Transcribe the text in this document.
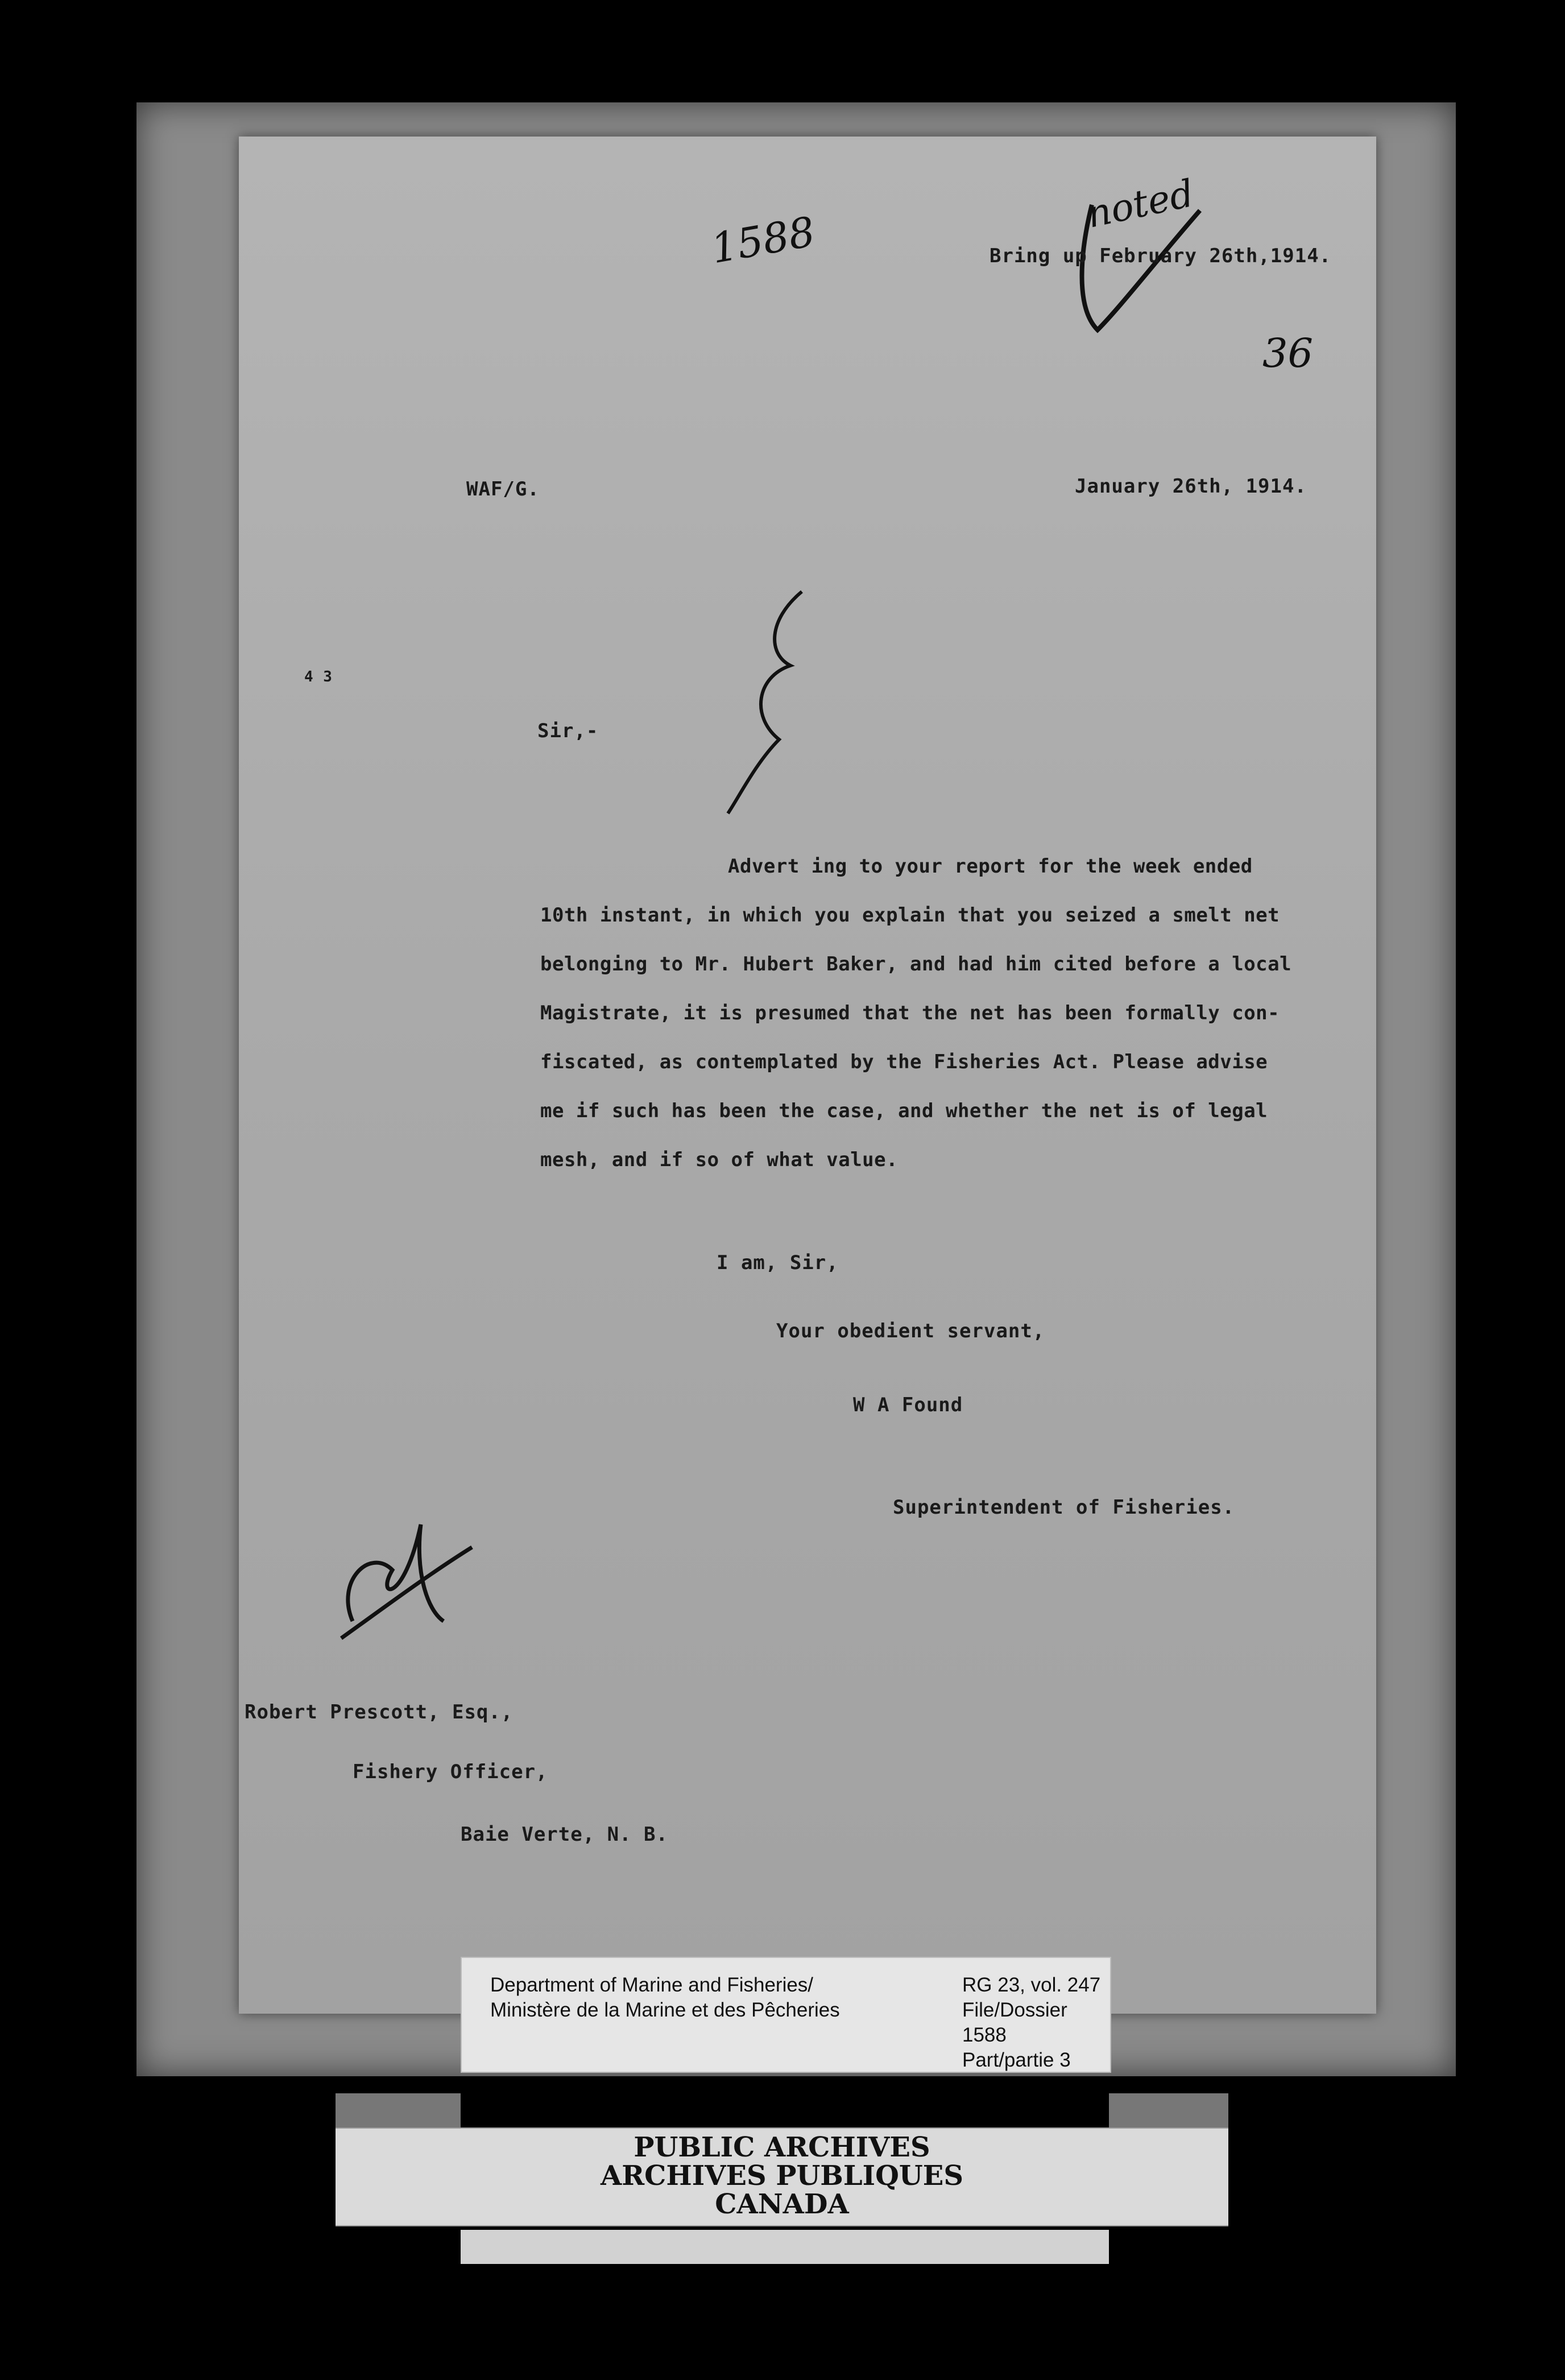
1588
noted
36
Bring up February 26th,1914.
WAF/G.	January 26th, 1914.
4 3
Sir,-
Advert ing to your report for the week ended
10th instant, in which you explain that you seized a smelt net
belonging to Mr. Hubert Baker, and had him cited before a local
Magistrate, it is presumed that the net has been formally con-
fiscated, as contemplated by the Fisheries Act. Please advise
me if such has been the case, and whether the net is of legal
mesh, and if so of what value.
I am, Sir,
Your obedient servant,
W A Found
Superintendent of Fisheries.
Robert Prescott, Esq.,
Fishery Officer,
Baie Verte, N. B.
Department of Marine and Fisheries/
Ministère de la Marine et des Pêcheries
RG 23, vol. 247
File/Dossier 1588
Part/partie 3
PUBLIC ARCHIVES
ARCHIVES PUBLIQUES
CANADA
